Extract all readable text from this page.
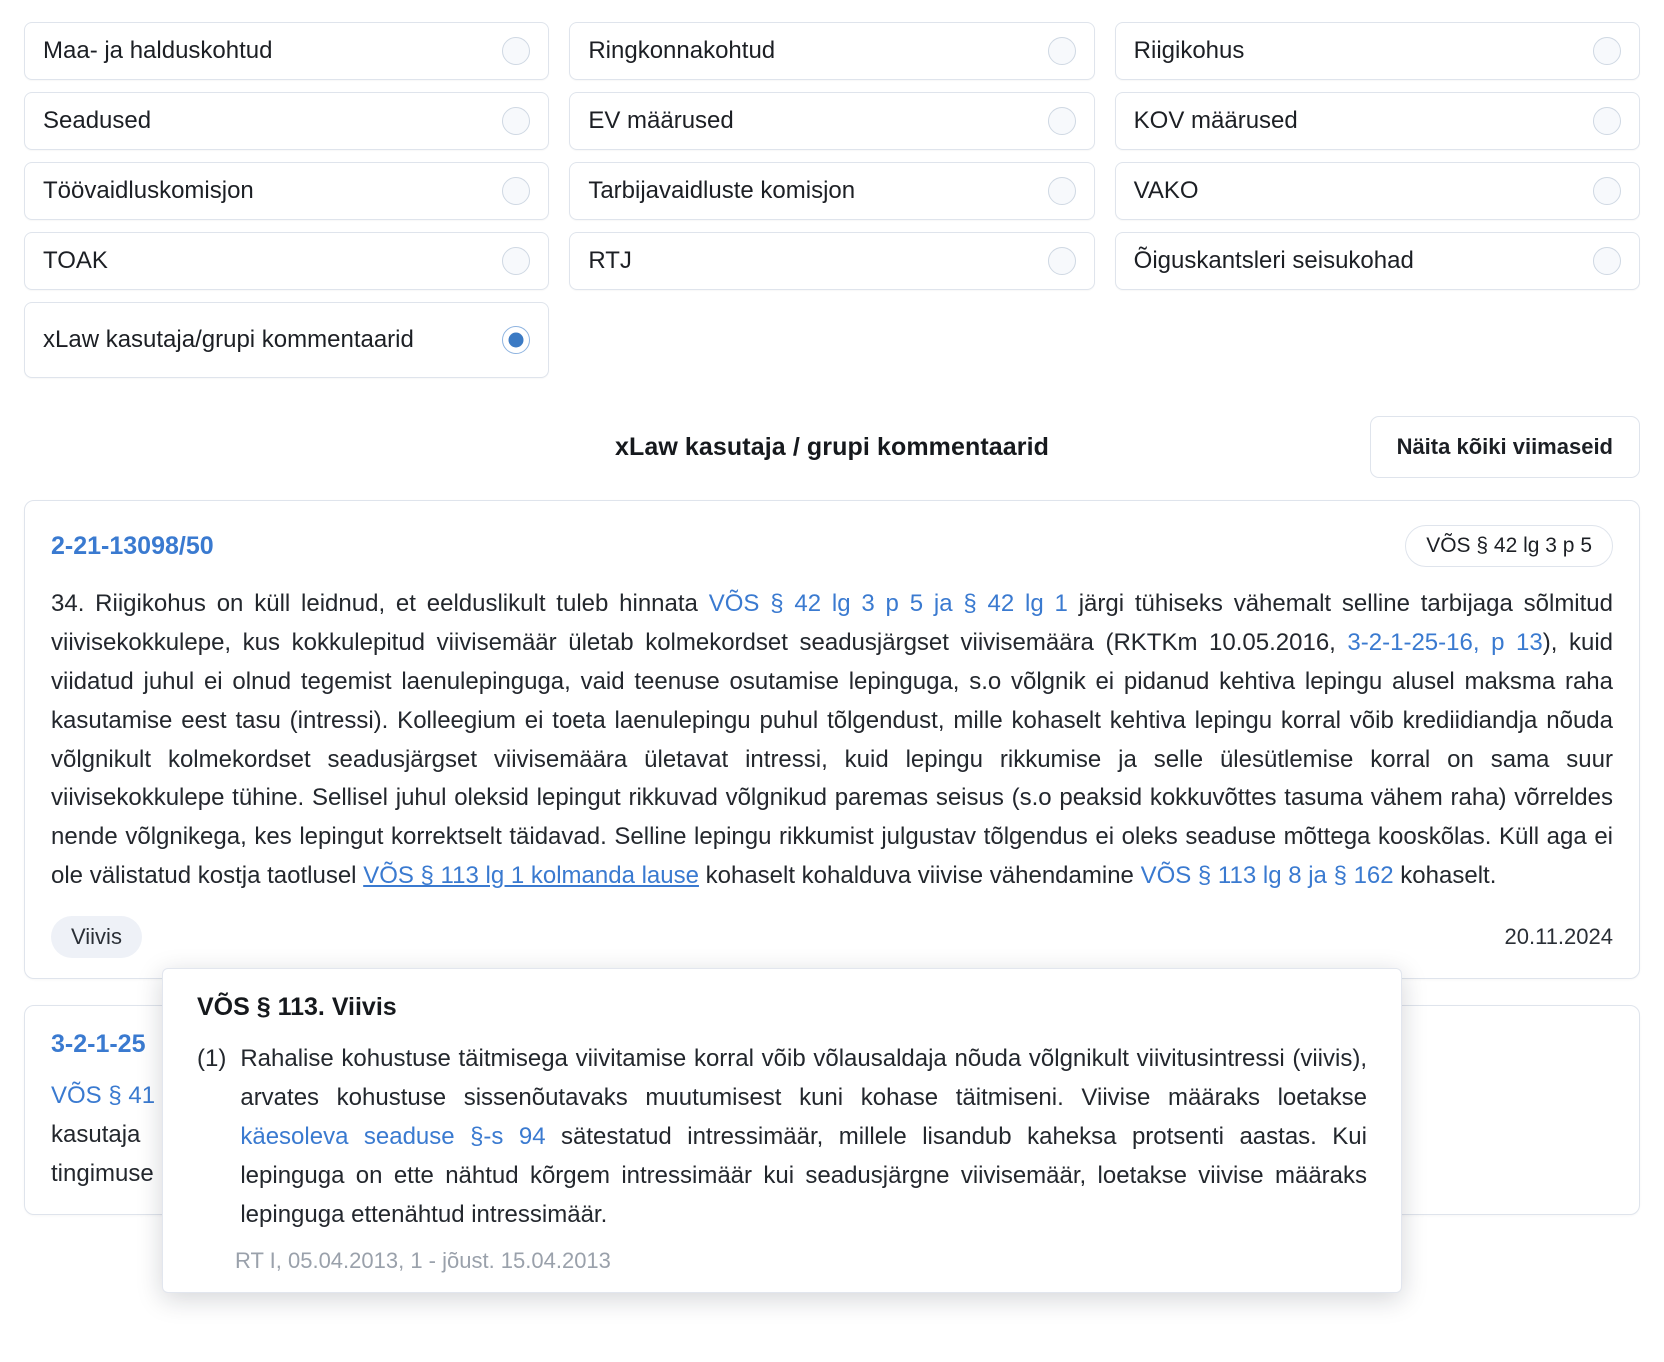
Maa- ja halduskohtud	Ringkonnakohtud	Riigikohus
Seadused	EV määrused	KOV määrused
Töövaidluskomisjon	Tarbijavaidluste komisjon	VAKO
TOAK	RTJ	Õiguskantsleri seisukohad
xLaw kasutaja/grupi kommentaarid
xLaw kasutaja / grupi kommentaarid	Näita kõiki viimaseid
2-21-13098/50	VÕS § 42 lg 3 p 5
34. Riigikohus on küll leidnud, et eelduslikult tuleb hinnata VÕS § 42 lg 3 p 5 ja § 42 lg 1 järgi tühiseks vähemalt selline tarbijaga sõlmitud viivisekokkulepe, kus kokkulepitud viivisemäär ületab kolmekordset seadusjärgset viivisemäära (RKTKm 10.05.2016, 3-2-1-25-16, p 13), kuid viidatud juhul ei olnud tegemist laenulepinguga, vaid teenuse osutamise lepinguga, s.o võlgnik ei pidanud kehtiva lepingu alusel maksma raha kasutamise eest tasu (intressi). Kolleegium ei toeta laenulepingu puhul tõlgendust, mille kohaselt kehtiva lepingu korral võib krediidiandja nõuda võlgnikult kolmekordset seadusjärgset viivisemäära ületavat intressi, kuid lepingu rikkumise ja selle ülesütlemise korral on sama suur viivisekokkulepe tühine. Sellisel juhul oleksid lepingut rikkuvad võlgnikud paremas seisus (s.o peaksid kokkuvõttes tasuma vähem raha) võrreldes nende võlgnikega, kes lepingut korrektselt täidavad. Selline lepingu rikkumist julgustav tõlgendus ei oleks seaduse mõttega kooskõlas. Küll aga ei ole välistatud kostja taotlusel VÕS § 113 lg 1 kolmanda lause kohaselt kohalduva viivise vähendamine VÕS § 113 lg 8 ja § 162 kohaselt.
Viivis	20.11.2024
3-2-1-25
VÕS § 41
kasutaja
tingimuse
VÕS § 113. Viivis
(1) Rahalise kohustuse täitmisega viivitamise korral võib võlausaldaja nõuda võlgnikult viivitusintressi (viivis), arvates kohustuse sissenõutavaks muutumisest kuni kohase täitmiseni. Viivise määraks loetakse käesoleva seaduse §-s 94 sätestatud intressimäär, millele lisandub kaheksa protsenti aastas. Kui lepinguga on ette nähtud kõrgem intressimäär kui seadusjärgne viivisemäär, loetakse viivise määraks lepinguga ettenähtud intressimäär.
RT I, 05.04.2013, 1 - jõust. 15.04.2013
